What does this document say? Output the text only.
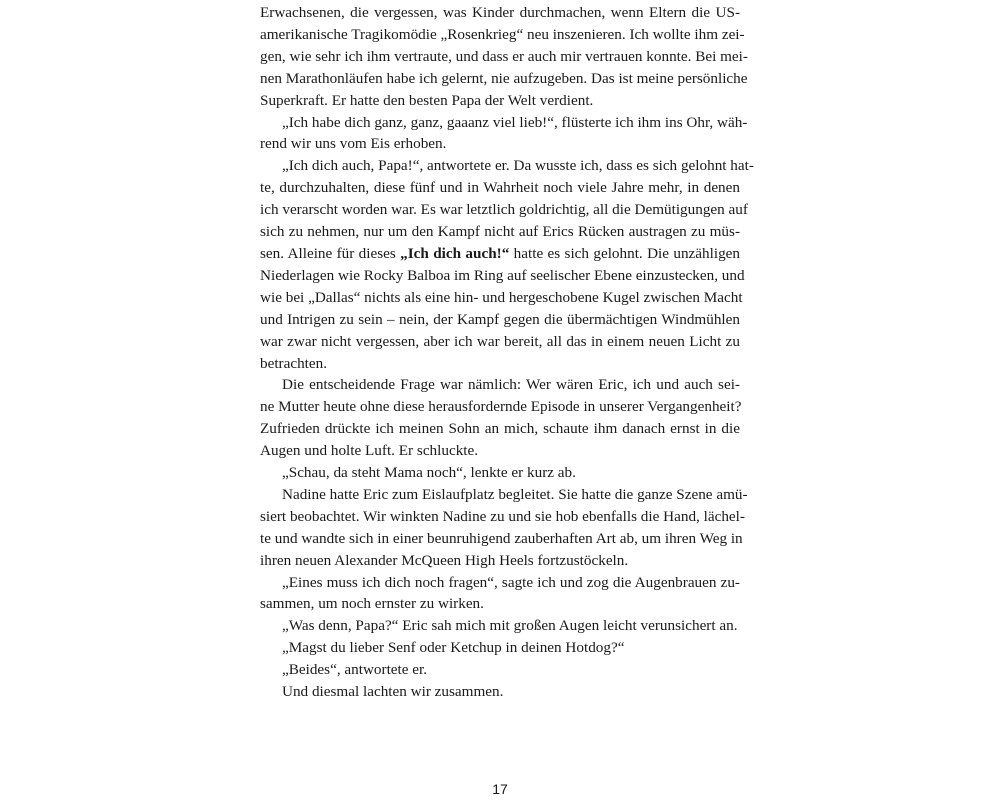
Erwachsenen, die vergessen, was Kinder durchmachen, wenn Eltern die US-
amerikanische Tragikomödie „Rosenkrieg“ neu inszenieren. Ich wollte ihm zei-
gen, wie sehr ich ihm vertraute, und dass er auch mir vertrauen konnte. Bei mei-
nen Marathonläufen habe ich gelernt, nie aufzugeben. Das ist meine persönliche
Superkraft. Er hatte den besten Papa der Welt verdient.
„Ich habe dich ganz, ganz, gaaanz viel lieb!“, flüsterte ich ihm ins Ohr, wäh-
rend wir uns vom Eis erhoben.
„Ich dich auch, Papa!“, antwortete er. Da wusste ich, dass es sich gelohnt hat-
te, durchzuhalten, diese fünf und in Wahrheit noch viele Jahre mehr, in denen
ich verarscht worden war. Es war letztlich goldrichtig, all die Demütigungen auf
sich zu nehmen, nur um den Kampf nicht auf Erics Rücken austragen zu müs-
sen. Alleine für dieses „Ich dich auch!“ hatte es sich gelohnt. Die unzähligen
Niederlagen wie Rocky Balboa im Ring auf seelischer Ebene einzustecken, und
wie bei „Dallas“ nichts als eine hin- und hergeschobene Kugel zwischen Macht
und Intrigen zu sein – nein, der Kampf gegen die übermächtigen Windmühlen
war zwar nicht vergessen, aber ich war bereit, all das in einem neuen Licht zu
betrachten.
Die entscheidende Frage war nämlich: Wer wären Eric, ich und auch sei-
ne Mutter heute ohne diese herausfordernde Episode in unserer Vergangenheit?
Zufrieden drückte ich meinen Sohn an mich, schaute ihm danach ernst in die
Augen und holte Luft. Er schluckte.
„Schau, da steht Mama noch“, lenkte er kurz ab.
Nadine hatte Eric zum Eislaufplatz begleitet. Sie hatte die ganze Szene amü-
siert beobachtet. Wir winkten Nadine zu und sie hob ebenfalls die Hand, lächel-
te und wandte sich in einer beunruhigend zauberhaften Art ab, um ihren Weg in
ihren neuen Alexander McQueen High Heels fortzustöckeln.
„Eines muss ich dich noch fragen“, sagte ich und zog die Augenbrauen zu-
sammen, um noch ernster zu wirken.
„Was denn, Papa?“ Eric sah mich mit großen Augen leicht verunsichert an.
„Magst du lieber Senf oder Ketchup in deinen Hotdog?“
„Beides“, antwortete er.
Und diesmal lachten wir zusammen.
17
